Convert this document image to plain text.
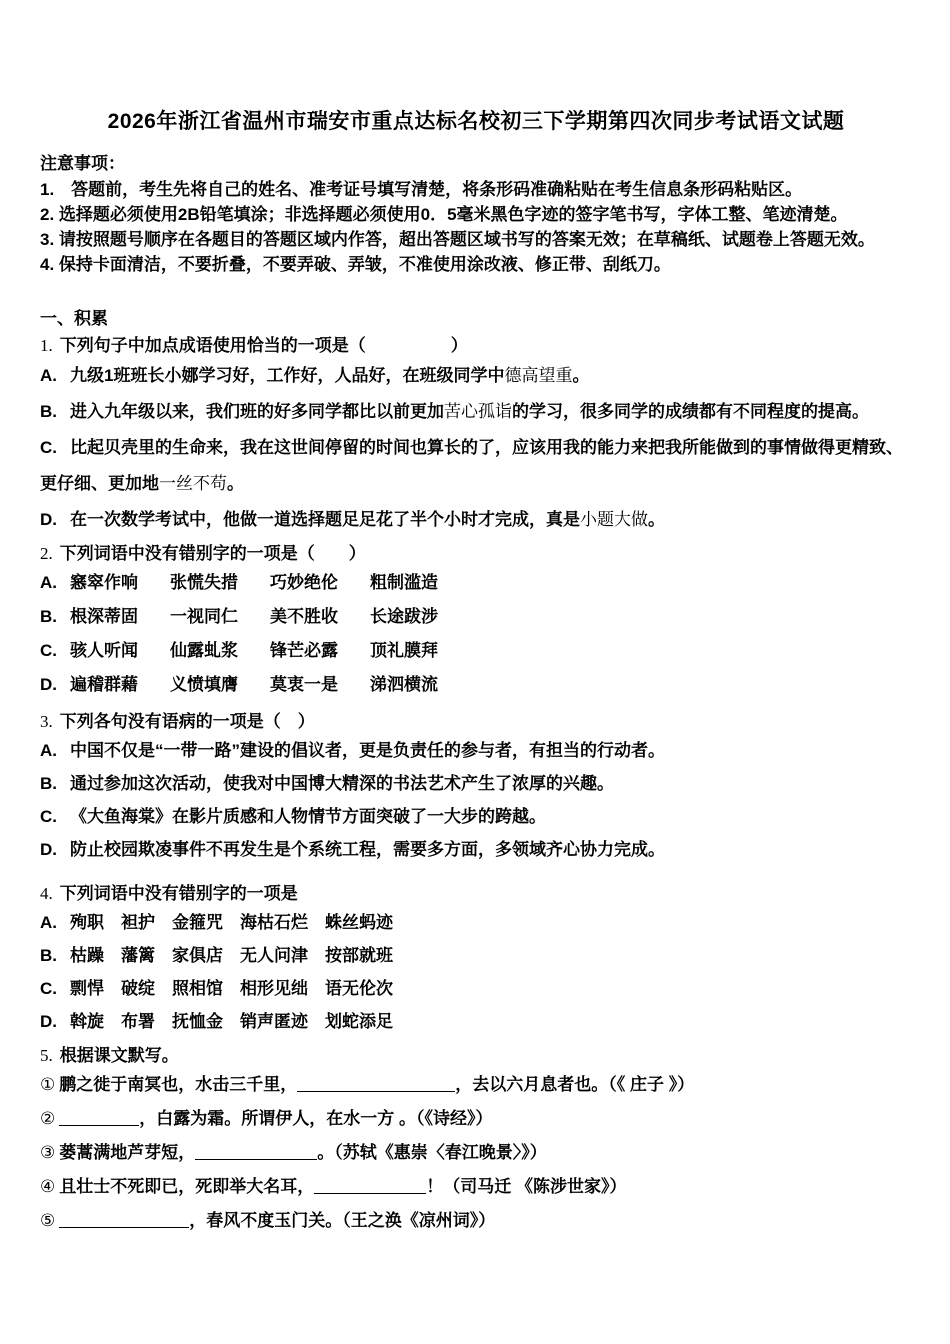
2026年浙江省温州市瑞安市重点达标名校初三下学期第四次同步考试语文试题
注意事项：
1.　答题前，考生先将自己的姓名、准考证号填写清楚，将条形码准确粘贴在考生信息条形码粘贴区。
2. 选择题必须使用2B铅笔填涂；非选择题必须使用0．5毫米黑色字迹的签字笔书写，字体工整、笔迹清楚。
3. 请按照题号顺序在各题目的答题区域内作答，超出答题区域书写的答案无效；在草稿纸、试题卷上答题无效。
4. 保持卡面清洁，不要折叠，不要弄破、弄皱，不准使用涂改液、修正带、刮纸刀。
一、积累
1. 下列句子中加点成语使用恰当的一项是（　　　　　）

A. 九级1班班长小娜学习好，工作好，人品好，在班级同学中德高望重。

B. 进入九年级以来，我们班的好多同学都比以前更加苦心孤诣的学习，很多同学的成绩都有不同程度的提高。

C. 比起贝壳里的生命来，我在这世间停留的时间也算长的了，应该用我的能力来把我所能做到的事情做得更精致、更仔细、更加地一丝不苟。

D. 在一次数学考试中，他做一道选择题足足花了半个小时才完成，真是小题大做。

2. 下列词语中没有错别字的一项是（　　）

A. 窸窣作响 张慌失措 巧妙绝伦 粗制滥造

B. 根深蒂固 一视同仁 美不胜收 长途跋涉

C. 骇人听闻 仙露虬浆 锋芒必露 顶礼膜拜

D. 遍稽群藉 义愤填膺 莫衷一是 涕泗横流

3. 下列各句没有语病的一项是（　）

A. 中国不仅是“一带一路”建设的倡议者，更是负责任的参与者，有担当的行动者。

B. 通过参加这次活动，使我对中国博大精深的书法艺术产生了浓厚的兴趣。

C. 《大鱼海棠》在影片质感和人物情节方面突破了一大步的跨越。

D. 防止校园欺凌事件不再发生是个系统工程，需要多方面，多领域齐心协力完成。

4. 下列词语中没有错别字的一项是

A. 殉职 袒护 金箍咒 海枯石烂 蛛丝蚂迹

B. 枯躁 藩篱 家俱店 无人问津 按部就班

C. 剽悍 破绽 照相馆 相形见绌 语无伦次

D. 斡旋 布署 抚恤金 销声匿迹 划蛇添足

5. 根据课文默写。

① 鹏之徙于南冥也，水击三千里，	，去以六月息者也。（《 庄子 》）

②	，白露为霜。所谓伊人，在水一方 。（《诗经》）

③ 蒌蒿满地芦芽短，	。（苏轼《惠崇〈春江晚景〉》）

④ 且壮士不死即已，死即举大名耳，	！（司马迁 《陈涉世家》）

⑤	，春风不度玉门关。（王之涣《凉州词》）
